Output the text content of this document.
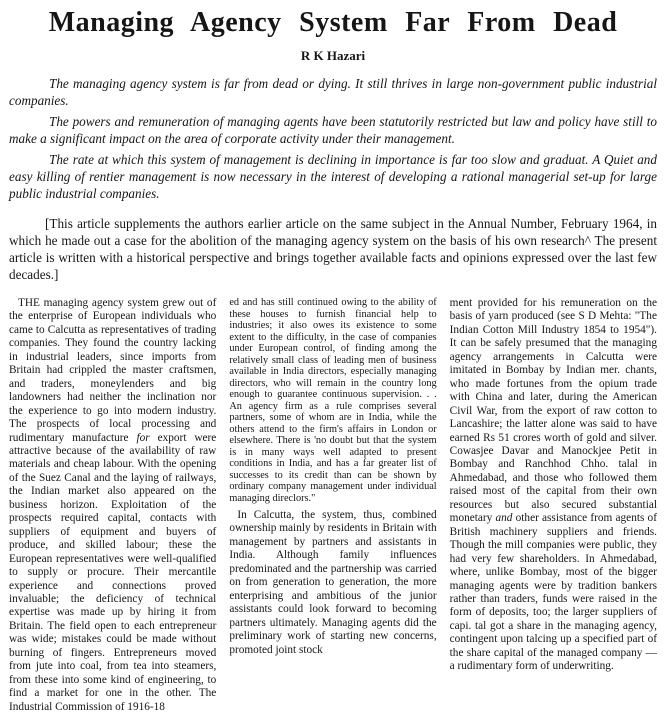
Managing Agency System Far From Dead
R K Hazari

The managing agency system is far from dead or dying. It still thrives in large non-government public industrial companies.

The powers and remuneration of managing agents have been statutorily restricted but law and policy have still to make a significant impact on the area of corporate activity under their management.

The rate at which this system of management is declining in importance is far too slow and graduat. A Quiet and easy killing of rentier management is now necessary in the interest of developing a rational managerial set-up for large public industrial companies.

[This article supplements the authors earlier article on the same subject in the Annual Number, February 1964, in which he made out a case for the abolition of the managing agency system on the basis of his own research^ The present article is written with a historical perspective and brings together available facts and opinions expressed over the last few decades.]

THE managing agency system grew out of the enterprise of European individuals who came to Calcutta as representatives of trading companies. They found the country lacking in industrial leaders, since imports from Britain had crippled the master craftsmen, and traders, moneylenders and big landowners had neither the inclination nor the experience to go into modern industry. The prospects of local processing and rudimentary manufacture for export were attractive because of the availability of raw materials and cheap labour. With the opening of the Suez Canal and the laying of railways, the Indian market also appeared on the business horizon. Exploitation of the prospects required capital, contacts with suppliers of equipment and buyers of produce, and skilled labour; these the European representatives were well-qualified to supply or procure. Their mercantile experience and connections proved invaluable; the deficiency of technical expertise was made up by hiring it from Britain. The field open to each entrepreneur was wide; mistakes could be made without burning of fingers. Entrepreneurs moved from jute into coal, from tea into steamers, from these into some kind of engineering, to find a market for one in the other. The Industrial Commission of 1916-18

ed and has still continued owing to the ability of these houses to furnish financial help to industries; it also owes its existence to some extent to the difficulty, in the case of companies under European control, of finding among the relatively small class of leading men of business available in India directors, especially managing directors, who will remain in the country long enough to guarantee continuous supervision. . . An agency firm as a rule comprises several partners, some of whom are in India, while the others attend to the firm's affairs in London or elsewhere. There is 'no doubt but that the system is in many ways well adapted to present conditions in India, and has a far greater list of successes to its credit than can be shown by ordinary company management under individual managing direclors."

In Calcutta, the system, thus, combined ownership mainly by residents in Britain with management by partners and assistants in India. Although family influences predominated and the partnership was carried on from generation to generation, the more enterprising and ambitious of the junior assistants could look forward to becoming partners ultimately. Managing agents did the preliminary work of starting new concerns, promoted joint stock

ment provided for his remuneration on the basis of yarn produced (see S D Mehta: "The Indian Cotton Mill Industry 1854 to 1954"). It can be safely presumed that the managing agency arrangements in Calcutta were imitated in Bombay by Indian mer. chants, who made fortunes from the opium trade with China and later, during the American Civil War, from the export of raw cotton to Lancashire; the latter alone was said to have earned Rs 51 crores worth of gold and silver. Cowasjee Davar and Manockjee Petit in Bombay and Ranchhod Chho. talal in Ahmedabad, and those who followed them raised most of the capital from their own resources but also secured substantial monetary and other assistance from agents of British machinery suppliers and friends. Though the mill companies were public, they had very few shareholders. In Ahmedabad, where, unlike Bombay, most of the bigger managing agents were by tradition bankers rather than traders, funds were raised in the form of deposits, too; the larger suppliers of capi. tal got a share in the managing agency, contingent upon talcing up a specified part of the share capital of the managed company — a rudimentary form of underwriting.
